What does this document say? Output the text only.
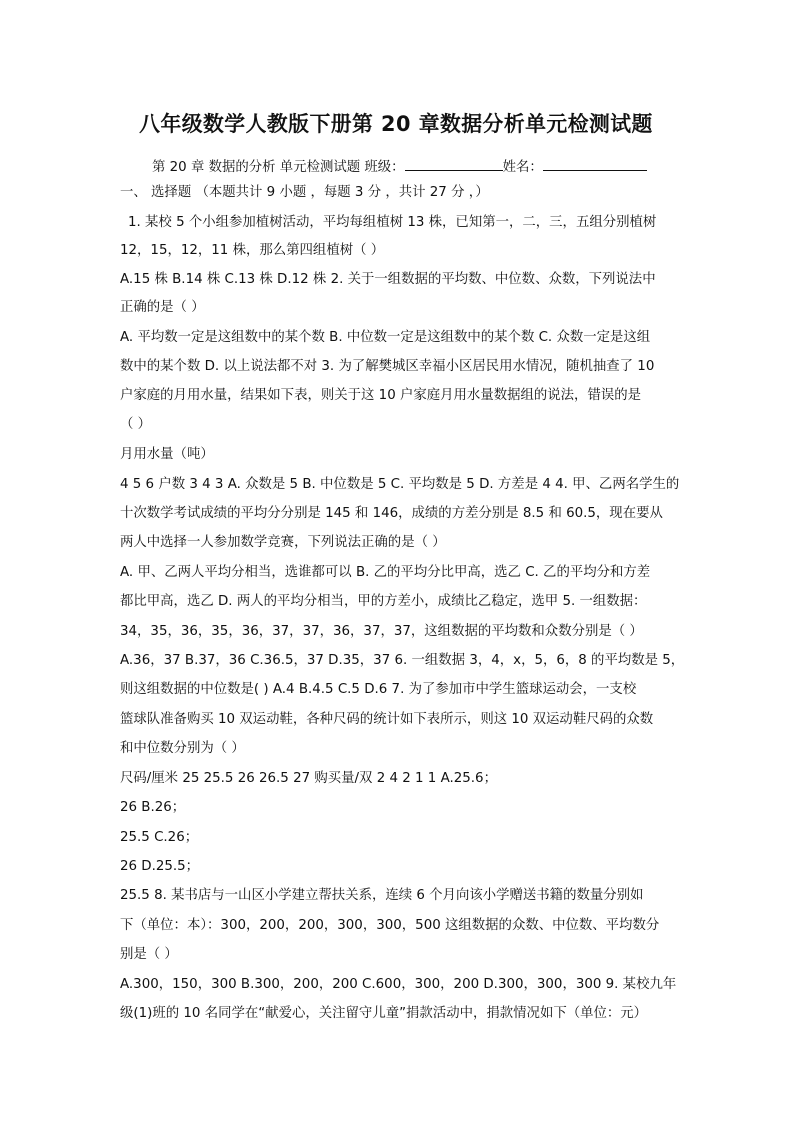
八年级数学人教版下册第 20 章数据分析单元检测试题
第 20 章 数据的分析 单元检测试题 班级：	姓名：
一、 选择题 （本题共计 9 小题 ，每题 3 分 ，共计 27 分 ，）
1. 某校 5 个小组参加植树活动，平均每组植树 13 株，已知第一，二，三，五组分别植树
12，15，12，11 株，那么第四组植树（ ）
A.15 株 B.14 株 C.13 株 D.12 株 2. 关于一组数据的平均数、中位数、众数，下列说法中
正确的是（ ）
A. 平均数一定是这组数中的某个数 B. 中位数一定是这组数中的某个数 C. 众数一定是这组
数中的某个数 D. 以上说法都不对 3. 为了解樊城区幸福小区居民用水情况，随机抽查了 10
户家庭的月用水量，结果如下表，则关于这 10 户家庭月用水量数据组的说法，错误的是
（ ）
月用水量（吨）
4 5 6 户数 3 4 3 A. 众数是 5 B. 中位数是 5 C. 平均数是 5 D. 方差是 4 4. 甲、乙两名学生的
十次数学考试成绩的平均分分别是 145 和 146，成绩的方差分别是 8.5 和 60.5，现在要从
两人中选择一人参加数学竞赛，下列说法正确的是（ ）
A. 甲、乙两人平均分相当，选谁都可以 B. 乙的平均分比甲高，选乙 C. 乙的平均分和方差
都比甲高，选乙 D. 两人的平均分相当，甲的方差小，成绩比乙稳定，选甲 5. 一组数据：
34，35，36，35，36，37，37，36，37，37，这组数据的平均数和众数分别是（ ）
A.36，37 B.37，36 C.36.5，37 D.35，37 6. 一组数据 3，4，x，5，6，8 的平均数是 5，
则这组数据的中位数是( ) A.4 B.4.5 C.5 D.6 7. 为了参加市中学生篮球运动会，一支校
篮球队准备购买 10 双运动鞋，各种尺码的统计如下表所示，则这 10 双运动鞋尺码的众数
和中位数分别为（ ）
尺码/厘米 25 25.5 26 26.5 27 购买量/双 2 4 2 1 1 A.25.6；
26 B.26；
25.5 C.26；
26 D.25.5；
25.5 8. 某书店与一山区小学建立帮扶关系，连续 6 个月向该小学赠送书籍的数量分别如
下（单位：本）：300，200，200，300，300，500 这组数据的众数、中位数、平均数分
别是（ ）
A.300，150，300 B.300，200，200 C.600，300，200 D.300，300，300 9. 某校九年
级(1)班的 10 名同学在“献爱心，关注留守儿童”捐款活动中，捐款情况如下（单位：元）
